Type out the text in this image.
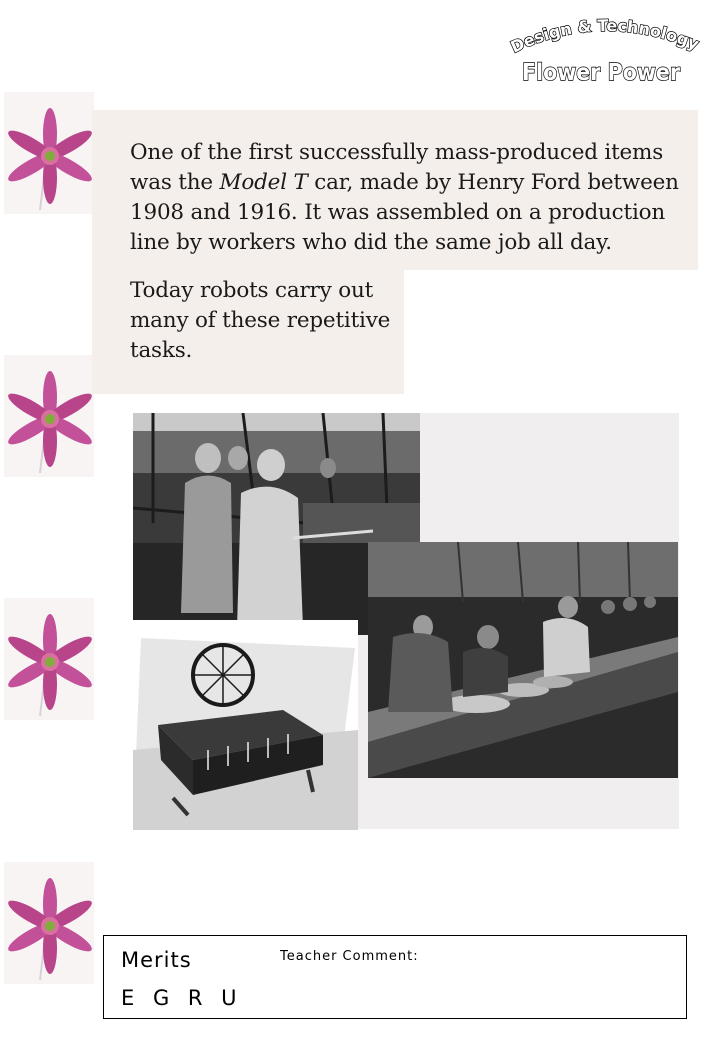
Design & Technology
Flower Power
One of the first successfully mass-produced items was the Model T car, made by Henry Ford between 1908 and 1916. It was assembled on a production line by workers who did the same job all day.
Today robots carry out many of these repetitive tasks.
Merits
E G R U
Teacher Comment:
